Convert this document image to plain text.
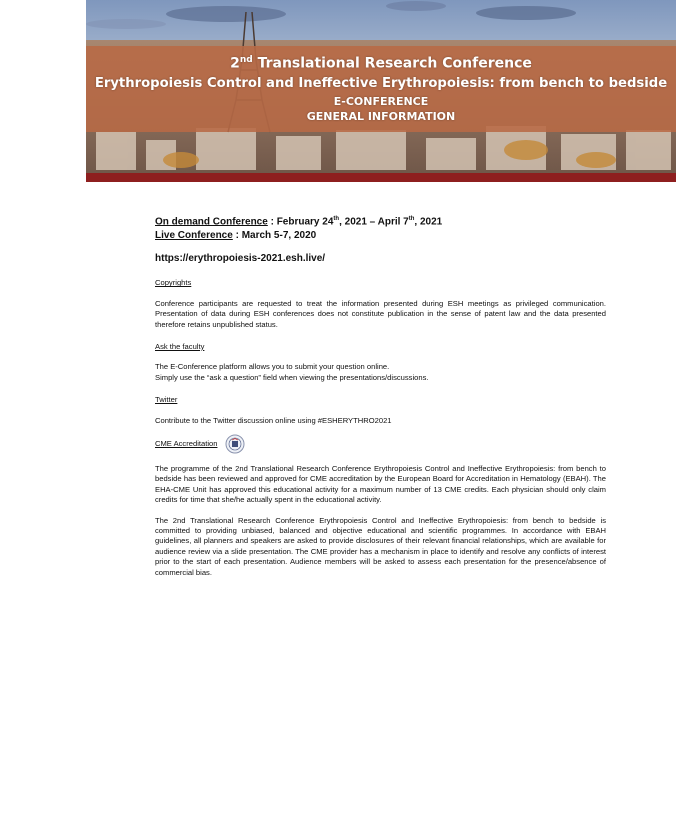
2nd Translational Research Conference
Erythropoiesis Control and Ineffective Erythropoiesis: from bench to bedside
E-CONFERENCE
GENERAL INFORMATION

On demand Conference : February 24th, 2021 – April 7th, 2021

Live Conference : March 5-7, 2020

https://erythropoiesis-2021.esh.live/

Copyrights

Conference participants are requested to treat the information presented during ESH meetings as privileged communication. Presentation of data during ESH conferences does not constitute publication in the sense of patent law and the data presented therefore retains unpublished status.

Ask the faculty

The E-Conference platform allows you to submit your question online.

Simply use the “ask a question” field when viewing the presentations/discussions.

Twitter

Contribute to the Twitter discussion online using #ESHERYTHRO2021

CME Accreditation

The programme of the 2nd Translational Research Conference Erythropoiesis Control and Ineffective Erythropoiesis: from bench to bedside has been reviewed and approved for CME accreditation by the European Board for Accreditation in Hematology (EBAH). The EHA-CME Unit has approved this educational activity for a maximum number of 13 CME credits. Each physician should only claim credits for time that she/he actually spent in the educational activity.

The 2nd Translational Research Conference Erythropoiesis Control and Ineffective Erythropoiesis: from bench to bedside is committed to providing unbiased, balanced and objective educational and scientific programmes. In accordance with EBAH guidelines, all planners and speakers are asked to provide disclosures of their relevant financial relationships, which are available for audience review via a slide presentation. The CME provider has a mechanism in place to identify and resolve any conflicts of interest prior to the start of each presentation. Audience members will be asked to assess each presentation for the presence/absence of commercial bias.
